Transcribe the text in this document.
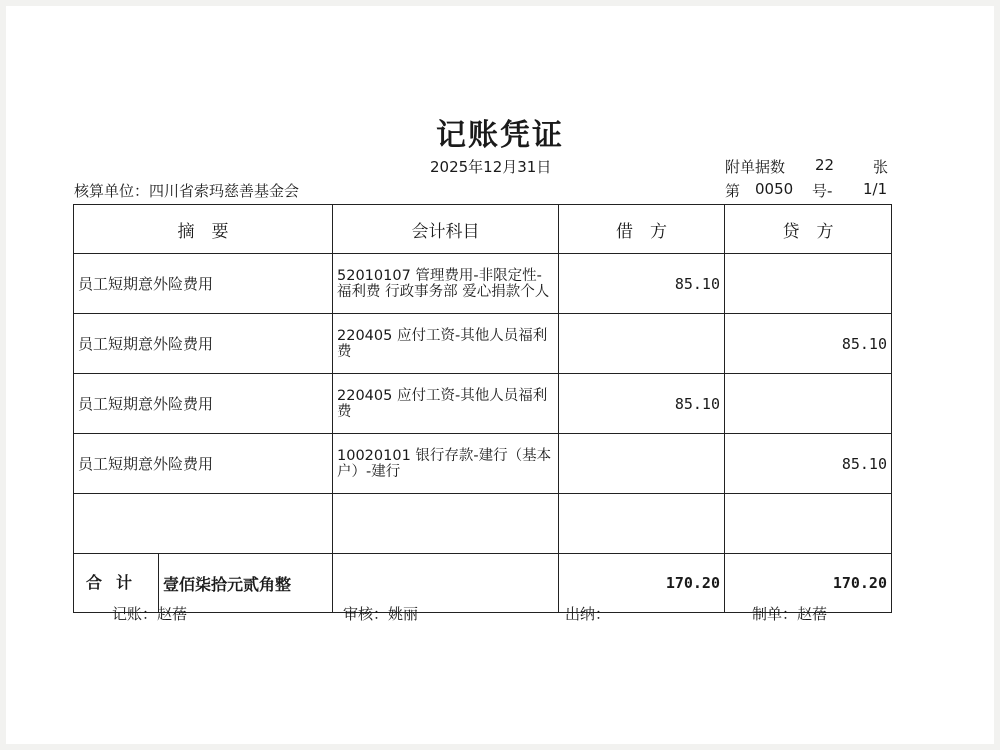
记账凭证
2025年12月31日	附单据数 22	张
核算单位：四川省索玛慈善基金会	第 0050 号- 1/1
摘　要	会计科目	借　方	贷　方
员工短期意外险费用	52010107 管理费用-非限定性-福利费 行政事务部 爱心捐款个人	85.10	
员工短期意外险费用	220405 应付工资-其他人员福利费		85.10
员工短期意外险费用	220405 应付工资-其他人员福利费	85.10	
员工短期意外险费用	10020101 银行存款-建行（基本户）-建行		85.10

合计 壹佰柒拾元贰角整		170.20	170.20
记账：赵蓓	审核：姚丽	出纳：	制单：赵蓓
